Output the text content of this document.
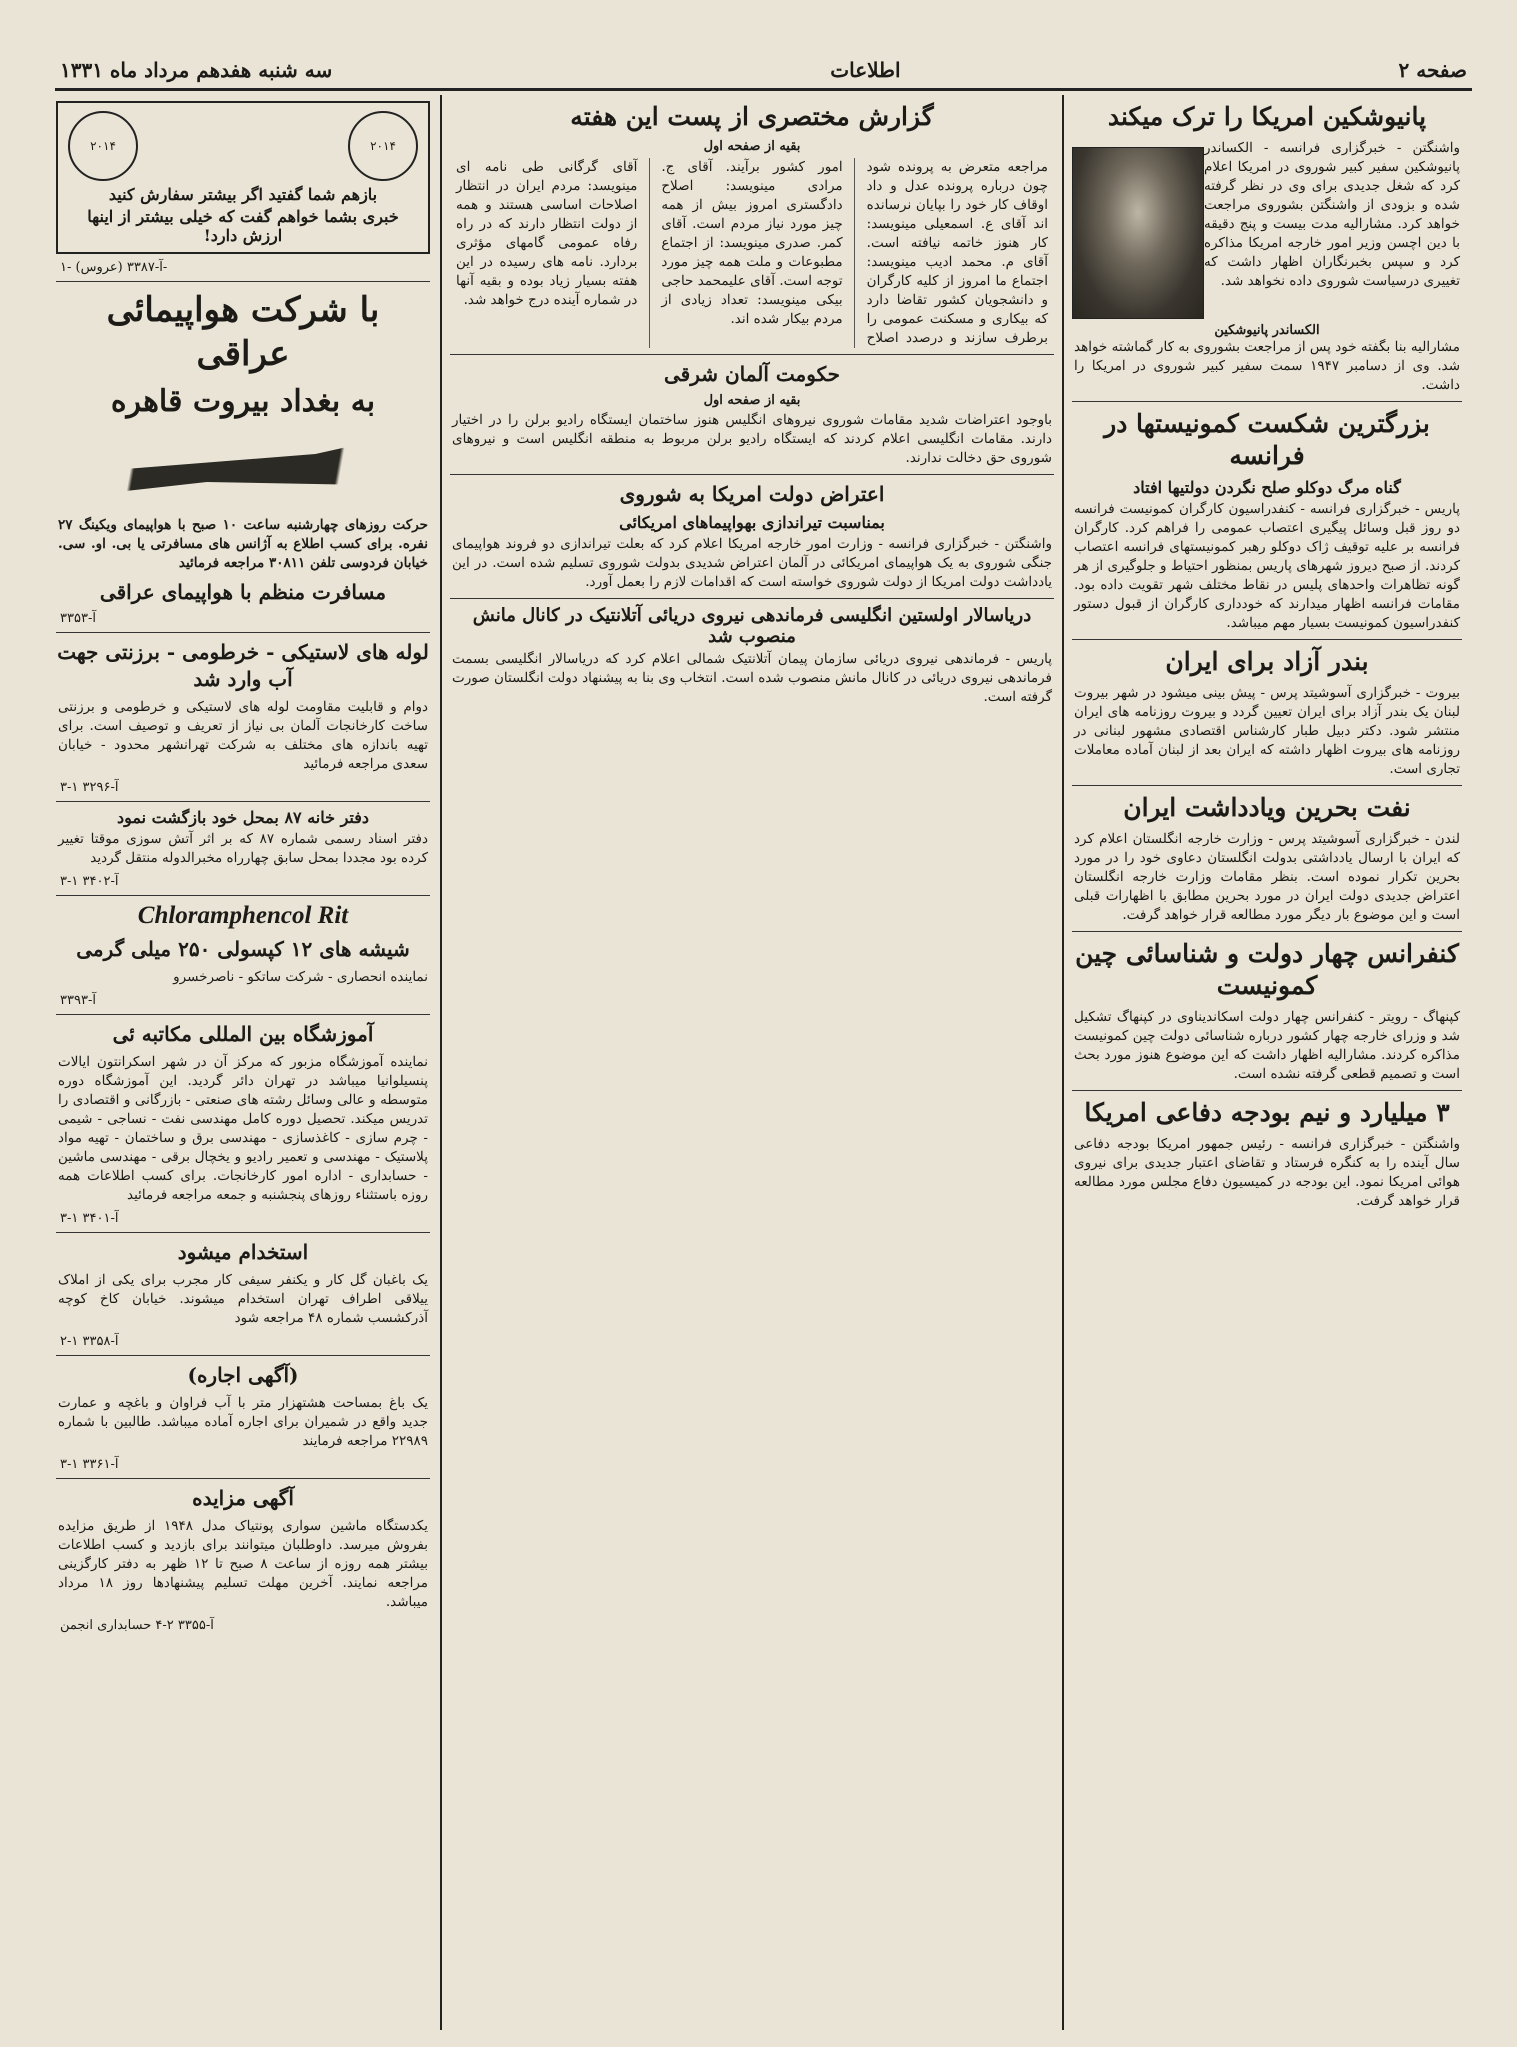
صفحه ۲
اطلاعات
سه شنبه هفدهم مرداد ماه ۱۳۳۱
پانیوشکین امریکا را ترک میکند

واشنگتن - خبرگزاری فرانسه - الکساندر پانیوشکین سفیر کبیر شوروی در امریکا اعلام کرد که شغل جدیدی برای وی در نظر گرفته شده و بزودی از واشنگتن بشوروی مراجعت خواهد کرد. مشارالیه مدت بیست و پنج دقیقه با دین اچسن وزیر امور خارجه امریکا مذاکره کرد و سپس بخبرنگاران اظهار داشت که تغییری درسیاست شوروی داده نخواهد شد.

الکساندر پانیوشکین

مشارالیه بنا بگفته خود پس از مراجعت بشوروی به کار گماشته خواهد شد. وی از دسامبر ۱۹۴۷ سمت سفیر کبیر شوروی در امریکا را داشت.

بزرگترین شکست کمونیستها در فرانسه
گناه مرگ دوکلو صلح نگردن دولتیها افتاد

پاریس - خبرگزاری فرانسه - کنفدراسیون کارگران کمونیست فرانسه دو روز قبل وسائل پیگیری اعتصاب عمومی را فراهم کرد. کارگران فرانسه بر علیه توقیف ژاک دوکلو رهبر کمونیستهای فرانسه اعتصاب کردند. از صبح دیروز شهرهای پاریس بمنظور احتیاط و جلوگیری از هر گونه تظاهرات واحدهای پلیس در نقاط مختلف شهر تقویت داده بود. مقامات فرانسه اظهار میدارند که خودداری کارگران از قبول دستور کنفدراسیون کمونیست بسیار مهم میباشد.

بندر آزاد برای ایران

بیروت - خبرگزاری آسوشیتد پرس - پیش بینی میشود در شهر بیروت لبنان یک بندر آزاد برای ایران تعیین گردد و بیروت روزنامه های ایران منتشر شود. دکتر دبیل طبار کارشناس اقتصادی مشهور لبنانی در روزنامه های بیروت اظهار داشته که ایران بعد از لبنان آماده معاملات تجاری است.

نفت بحرین ویادداشت ایران

لندن - خبرگزاری آسوشیتد پرس - وزارت خارجه انگلستان اعلام کرد که ایران با ارسال یادداشتی بدولت انگلستان دعاوی خود را در مورد بحرین تکرار نموده است. بنظر مقامات وزارت خارجه انگلستان اعتراض جدیدی دولت ایران در مورد بحرین مطابق با اظهارات قبلی است و این موضوع بار دیگر مورد مطالعه قرار خواهد گرفت.

کنفرانس چهار دولت و شناسائی چین کمونیست

کپنهاگ - رویتر - کنفرانس چهار دولت اسکاندیناوی در کپنهاگ تشکیل شد و وزرای خارجه چهار کشور درباره شناسائی دولت چین کمونیست مذاکره کردند. مشارالیه اظهار داشت که این موضوع هنوز مورد بحث است و تصمیم قطعی گرفته نشده است.

۳ میلیارد و نیم بودجه دفاعی امریکا

واشنگتن - خبرگزاری فرانسه - رئیس جمهور امریکا بودجه دفاعی سال آینده را به کنگره فرستاد و تقاضای اعتبار جدیدی برای نیروی هوائی امریکا نمود. این بودجه در کمیسیون دفاع مجلس مورد مطالعه قرار خواهد گرفت.

گزارش مختصری از پست این هفته
بقیه از صفحه اول

مراجعه متعرض به پرونده شود چون درباره پرونده عدل و داد اوقاف کار خود را بپایان نرسانده اند آقای ع. اسمعیلی مینویسد: کار هنوز خاتمه نیافته است. آقای م. محمد ادیب مینویسد: اجتماع ما امروز از کلیه کارگران و دانشجویان کشور تقاضا دارد که بیکاری و مسکنت عمومی را برطرف سازند و درصدد اصلاح امور کشور برآیند. آقای ج. مرادی مینویسد: اصلاح دادگستری امروز بیش از همه چیز مورد نیاز مردم است. آقای کمر. صدری مینویسد: از اجتماع مطبوعات و ملت همه چیز مورد توجه است. آقای علیمحمد حاجی بیکی مینویسد: تعداد زیادی از مردم بیکار شده اند.

آقای گرگانی طی نامه ای مینویسد: مردم ایران در انتظار اصلاحات اساسی هستند و همه از دولت انتظار دارند که در راه رفاه عمومی گامهای مؤثری بردارد. نامه های رسیده در این هفته بسیار زیاد بوده و بقیه آنها در شماره آینده درج خواهد شد.

حکومت آلمان شرقی
بقیه از صفحه اول

باوجود اعتراضات شدید مقامات شوروی نیروهای انگلیس هنوز ساختمان ایستگاه رادیو برلن را در اختیار دارند. مقامات انگلیسی اعلام کردند که ایستگاه رادیو برلن مربوط به منطقه انگلیس است و نیروهای شوروی حق دخالت ندارند.

اعتراض دولت امریکا به شوروی
بمناسبت تیراندازی بهواپیماهای امریکائی

واشنگتن - خبرگزاری فرانسه - وزارت امور خارجه امریکا اعلام کرد که بعلت تیراندازی دو فروند هواپیمای جنگی شوروی به یک هواپیمای امریکائی در آلمان اعتراض شدیدی بدولت شوروی تسلیم شده است. در این یادداشت دولت امریکا از دولت شوروی خواسته است که اقدامات لازم را بعمل آورد.

دریاسالار اولستین انگلیسی فرماندهی نیروی دریائی آتلانتیک در کانال مانش منصوب شد

پاریس - فرماندهی نیروی دریائی سازمان پیمان آتلانتیک شمالی اعلام کرد که دریاسالار انگلیسی بسمت فرماندهی نیروی دریائی در کانال مانش منصوب شده است. انتخاب وی بنا به پیشنهاد دولت انگلستان صورت گرفته است.

۲۰۱۴
۲۰۱۴
بازهم شما گفتید اگر بیشتر سفارش کنید
خبری بشما خواهم گفت که خیلی بیشتر از اینها ارزش دارد!
آ-۳۳۸۷ (عروس) -۱-
با شرکت هواپیمائی عراقی
به بغداد بیروت قاهره

حرکت روزهای چهارشنبه ساعت ۱۰ صبح با هواپیمای ویکینگ ۲۷ نفره. برای کسب اطلاع به آژانس های مسافرتی یا بی. او. سی. خیابان فردوسی تلفن ۳۰۸۱۱ مراجعه فرمائید

مسافرت منظم با هواپیمای عراقی
آ-۳۳۵۳
لوله های لاستیکی - خرطومی - برزنتی جهت آب وارد شد

دوام و قابلیت مقاومت لوله های لاستیکی و خرطومی و برزنتی ساخت کارخانجات آلمان بی نیاز از تعریف و توصیف است. برای تهیه باندازه های مختلف به شرکت تهرانشهر محدود - خیابان سعدی مراجعه فرمائید

آ-۳۲۹۶ ۱-۳
دفتر خانه ۸۷ بمحل خود بازگشت نمود

دفتر اسناد رسمی شماره ۸۷ که بر اثر آتش سوزی موقتا تغییر کرده بود مجددا بمحل سابق چهارراه مخبرالدوله منتقل گردید

آ-۳۴۰۲ ۱-۳
Chloramphencol Rit
شیشه های ۱۲ کپسولی ۲۵۰ میلی گرمی

نماینده انحصاری - شرکت ساتکو - ناصرخسرو

آ-۳۳۹۳
آموزشگاه بین المللی مکاتبه ئی

نماینده آموزشگاه مزبور که مرکز آن در شهر اسکرانتون ایالات پنسیلوانیا میباشد در تهران دائر گردید. این آموزشگاه دوره متوسطه و عالی وسائل رشته های صنعتی - بازرگانی و اقتصادی را تدریس میکند. تحصیل دوره کامل مهندسی نفت - نساجی - شیمی - چرم سازی - کاغذسازی - مهندسی برق و ساختمان - تهیه مواد پلاستیک - مهندسی و تعمیر رادیو و یخچال برقی - مهندسی ماشین - حسابداری - اداره امور کارخانجات. برای کسب اطلاعات همه روزه باستثناء روزهای پنجشنبه و جمعه مراجعه فرمائید

آ-۳۴۰۱ ۱-۳
استخدام میشود

یک باغبان گل کار و یکنفر سیفی کار مجرب برای یکی از املاک ییلاقی اطراف تهران استخدام میشوند. خیابان کاخ کوچه آذرکشسب شماره ۴۸ مراجعه شود

آ-۳۳۵۸ ۱-۲
(آگهی اجاره)

یک باغ بمساحت هشتهزار متر با آب فراوان و باغچه و عمارت جدید واقع در شمیران برای اجاره آماده میباشد. طالبین با شماره ۲۲۹۸۹ مراجعه فرمایند

آ-۳۳۶۱ ۱-۳
آگهی مزایده

یکدستگاه ماشین سواری پونتیاک مدل ۱۹۴۸ از طریق مزایده بفروش میرسد. داوطلبان میتوانند برای بازدید و کسب اطلاعات بیشتر همه روزه از ساعت ۸ صبح تا ۱۲ ظهر به دفتر کارگزینی مراجعه نمایند. آخرین مهلت تسلیم پیشنهادها روز ۱۸ مرداد میباشد.

آ-۳۳۵۵ ۲-۴ حسابداری انجمن
